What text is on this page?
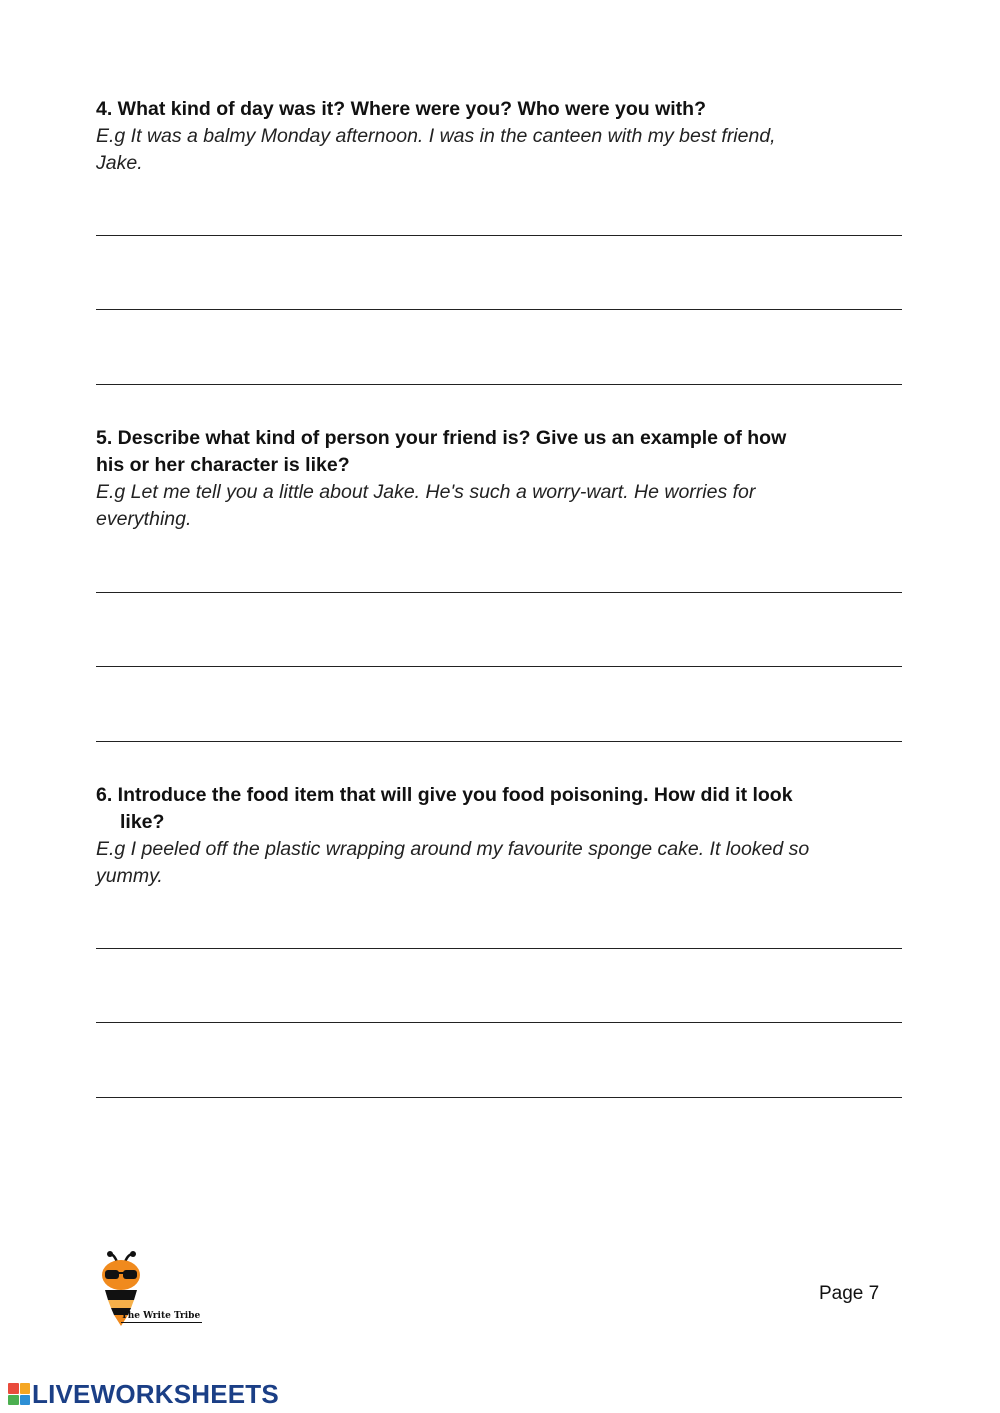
4. What kind of day was it? Where were you? Who were you with?

E.g It was a balmy Monday afternoon. I was in the canteen with my best friend,
Jake.

5. Describe what kind of person your friend is? Give us an example of how
his or her character is like?

E.g Let me tell you a little about Jake. He's such a worry-wart. He worries for
everything.

6. Introduce the food item that will give you food poisoning. How did it look
like?

E.g I peeled off the plastic wrapping around my favourite sponge cake. It looked so
yummy.

The Write Tribe
Page 7
LIVEWORKSHEETS
